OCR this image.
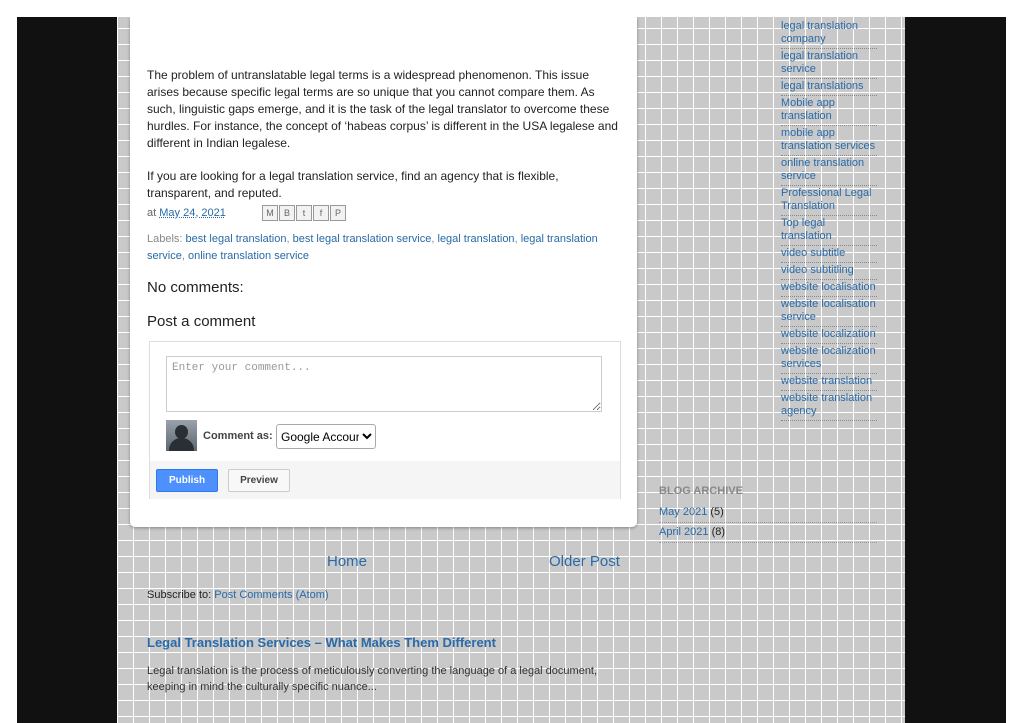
The problem of untranslatable legal terms is a widespread phenomenon. This issue arises because specific legal terms are so unique that you cannot compare them. As such, linguistic gaps emerge, and it is the task of the legal translator to overcome these hurdles. For instance, the concept of ‘habeas corpus’ is different in the USA legalese and different in Indian legalese.

If you are looking for a legal translation service, find an agency that is flexible, transparent, and reputed.

at May 24, 2021	M	B	t	f	P
Labels: best legal translation, best legal translation service, legal translation, legal translation service, online translation service
No comments:
Post a comment
Enter your comment...
Comment as:
Google Accoun
Publish	Preview
Home	Older Post
Subscribe to: Post Comments (Atom)
Legal Translation Services – What Makes Them Different
Legal translation is the process of meticulously converting the language of a legal document, keeping in mind the culturally specific nuance...
legal translation company
legal translation service
legal translations
Mobile app translation
mobile app translation services
online translation service
Professional Legal Translation
Top legal translation
video subtitle
video subtitling
website localisation
website localisation service
website localization
website localization services
website translation
website translation agency
BLOG ARCHIVE
May 2021 (5)
April 2021 (8)
